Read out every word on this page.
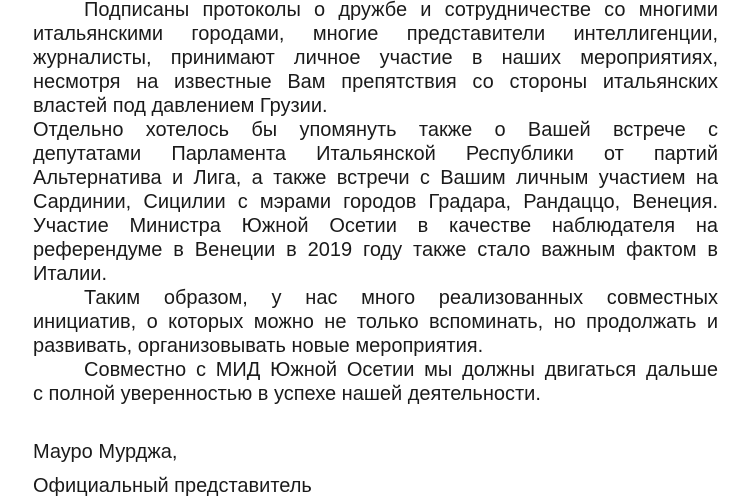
Подписаны протоколы о дружбе и сотрудничестве со многими
итальянскими городами, многие представители интеллигенции,
журналисты, принимают личное участие в наших мероприятиях,
несмотря на известные Вам препятствия со стороны итальянских
властей под давлением Грузии.
Отдельно хотелось бы упомянуть также о Вашей встрече с
депутатами Парламента Итальянской Республики от партий
Альтернатива и Лига, а также встречи с Вашим личным участием на
Сардинии, Сицилии с мэрами городов Градара, Рандаццо, Венеция.
Участие Министра Южной Осетии в качестве наблюдателя на
референдуме в Венеции в 2019 году также стало важным фактом в
Италии.
Таким образом, у нас много реализованных совместных
инициатив, о которых можно не только вспоминать, но продолжать и
развивать, организовывать новые мероприятия.
Совместно с МИД Южной Осетии мы должны двигаться дальше
с полной уверенностью в успехе нашей деятельности.
Мауро Мурджа,
Официальный представитель
